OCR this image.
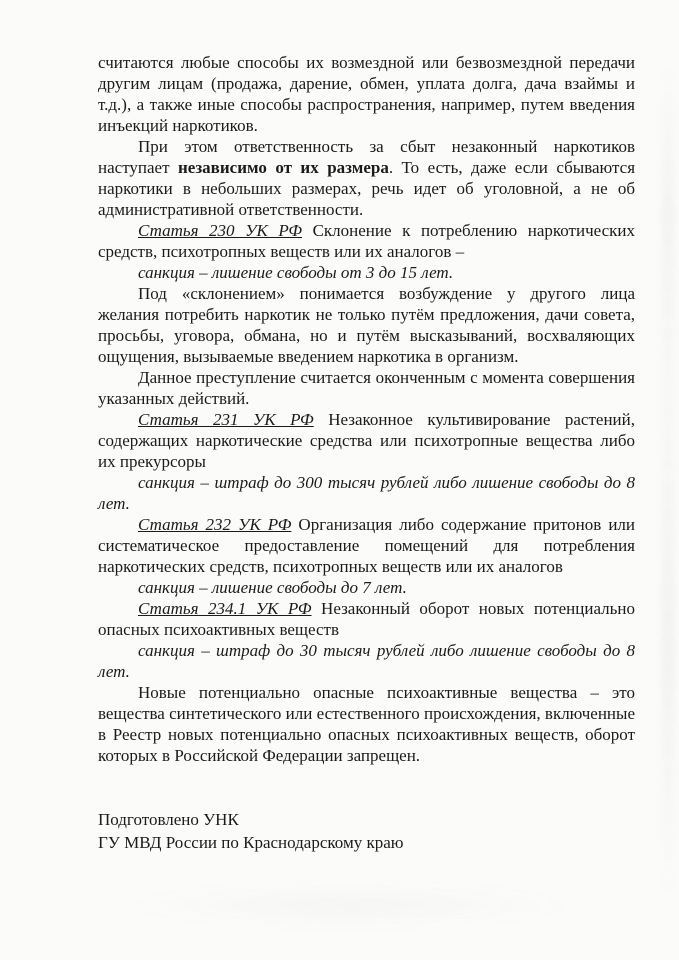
считаются любые способы их возмездной или безвозмездной передачи другим лицам (продажа, дарение, обмен, уплата долга, дача взаймы и т.д.), а также иные способы распространения, например, путем введения инъекций наркотиков.

При этом ответственность за сбыт незаконный наркотиков наступает независимо от их размера. То есть, даже если сбываются наркотики в небольших размерах, речь идет об уголовной, а не об административной ответственности.

Статья 230 УК РФ Склонение к потреблению наркотических средств, психотропных веществ или их аналогов –

санкция – лишение свободы от 3 до 15 лет.

Под «склонением» понимается возбуждение у другого лица желания потребить наркотик не только путём предложения, дачи совета, просьбы, уговора, обмана, но и путём высказываний, восхваляющих ощущения, вызываемые введением наркотика в организм.

Данное преступление считается оконченным с момента совершения указанных действий.

Статья 231 УК РФ Незаконное культивирование растений, содержащих наркотические средства или психотропные вещества либо их прекурсоры

санкция – штраф до 300 тысяч рублей либо лишение свободы до 8 лет.

Статья 232 УК РФ Организация либо содержание притонов или систематическое предоставление помещений для потребления наркотических средств, психотропных веществ или их аналогов

санкция – лишение свободы до 7 лет.

Статья 234.1 УК РФ Незаконный оборот новых потенциально опасных психоактивных веществ

санкция – штраф до 30 тысяч рублей либо лишение свободы до 8 лет.

Новые потенциально опасные психоактивные вещества – это вещества синтетического или естественного происхождения, включенные в Реестр новых потенциально опасных психоактивных веществ, оборот которых в Российской Федерации запрещен.

Подготовлено УНК

ГУ МВД России по Краснодарскому краю
